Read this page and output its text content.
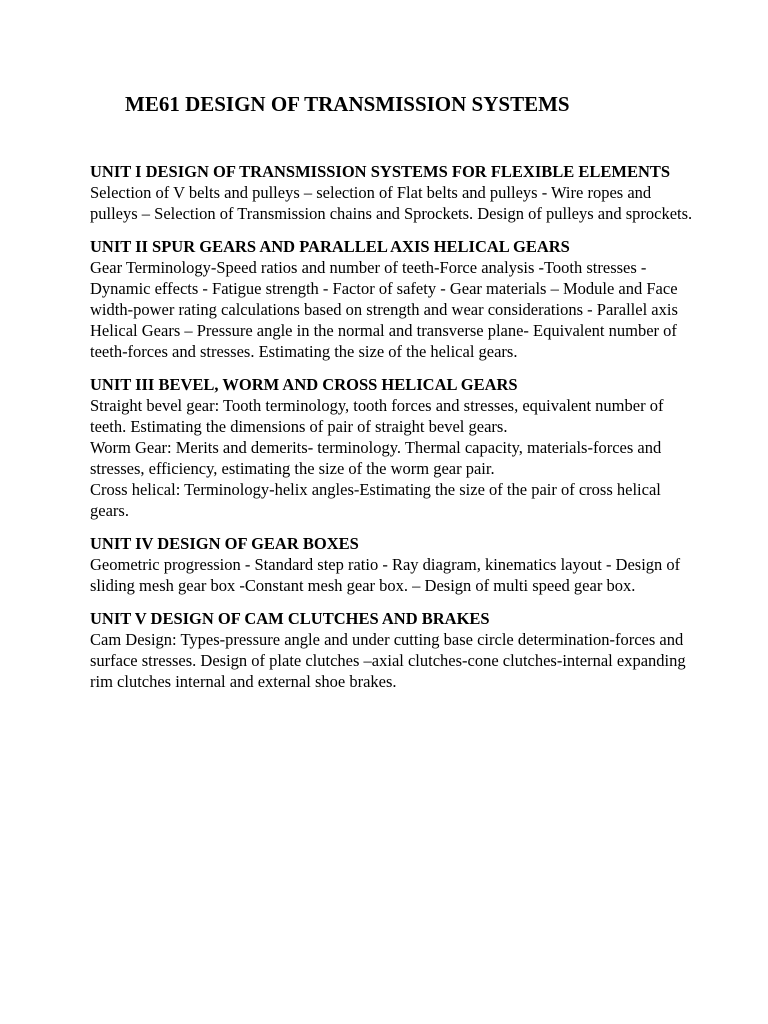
ME61 DESIGN OF TRANSMISSION SYSTEMS
UNIT I DESIGN OF TRANSMISSION SYSTEMS FOR FLEXIBLE ELEMENTS

Selection of V belts and pulleys – selection of Flat belts and pulleys - Wire ropes and pulleys – Selection of Transmission chains and Sprockets. Design of pulleys and sprockets.

UNIT II SPUR GEARS AND PARALLEL AXIS HELICAL GEARS

Gear Terminology-Speed ratios and number of teeth-Force analysis -Tooth stresses -Dynamic effects - Fatigue strength - Factor of safety - Gear materials – Module and Face width-power rating calculations based on strength and wear considerations - Parallel axis Helical Gears – Pressure angle in the normal and transverse plane- Equivalent number of teeth-forces and stresses. Estimating the size of the helical gears.

UNIT III BEVEL, WORM AND CROSS HELICAL GEARS

Straight bevel gear: Tooth terminology, tooth forces and stresses, equivalent number of teeth. Estimating the dimensions of pair of straight bevel gears.

Worm Gear: Merits and demerits- terminology. Thermal capacity, materials-forces and stresses, efficiency, estimating the size of the worm gear pair.

Cross helical: Terminology-helix angles-Estimating the size of the pair of cross helical gears.

UNIT IV DESIGN OF GEAR BOXES

Geometric progression - Standard step ratio - Ray diagram, kinematics layout - Design of sliding mesh gear box -Constant mesh gear box. – Design of multi speed gear box.

UNIT V DESIGN OF CAM CLUTCHES AND BRAKES

Cam Design: Types-pressure angle and under cutting base circle determination-forces and surface stresses. Design of plate clutches –axial clutches-cone clutches-internal expanding rim clutches internal and external shoe brakes.
